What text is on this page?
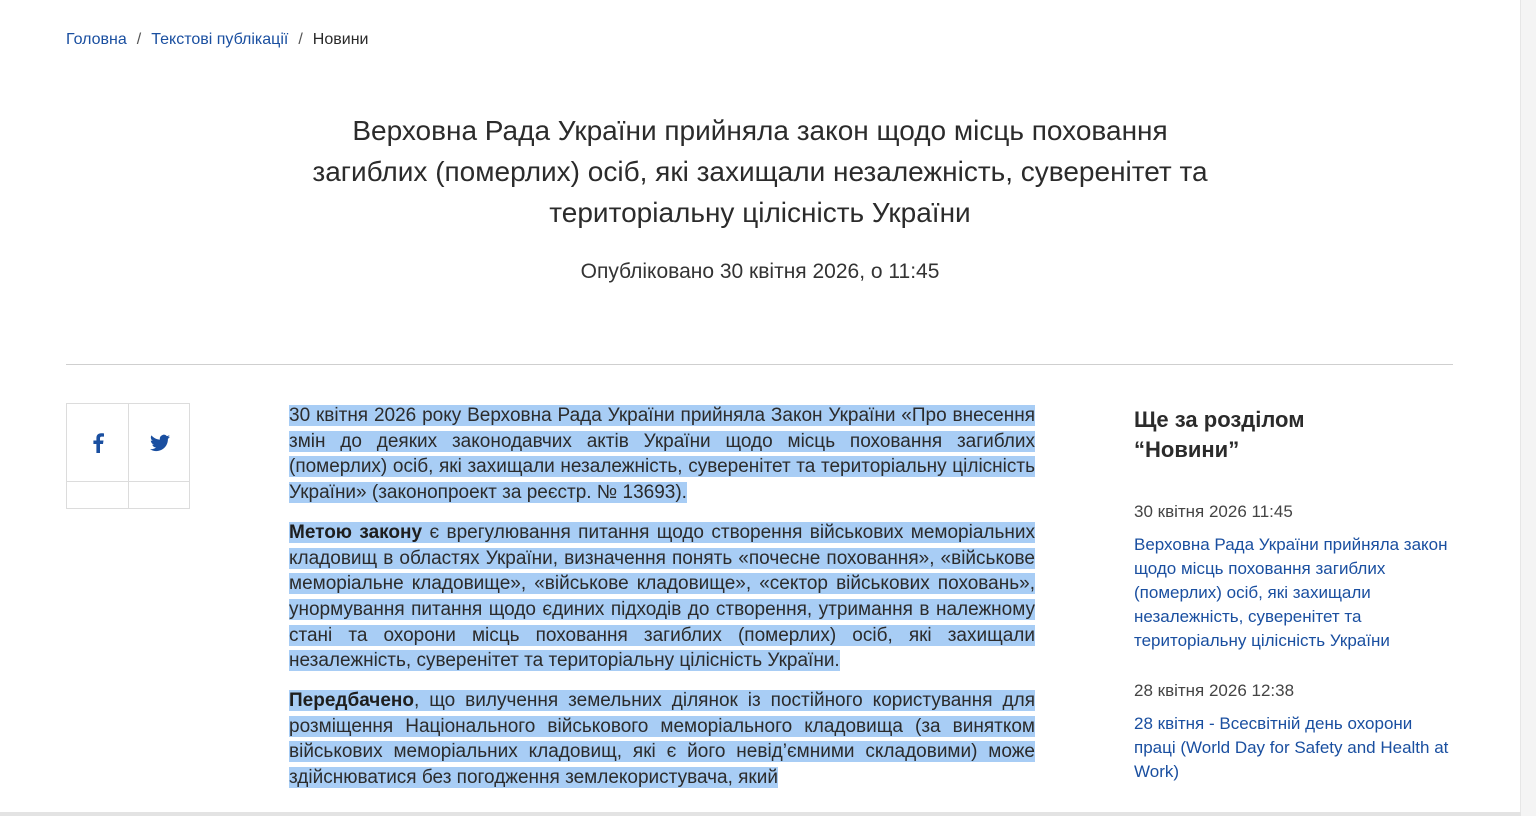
Головна / Текстові публікації / Новини
Верховна Рада України прийняла закон щодо місць поховання
загиблих (померлих) осіб, які захищали незалежність, суверенітет та
територіальну цілісність України
Опубліковано 30 квітня 2026, о 11:45

30 квітня 2026 року Верховна Рада України прийняла Закон України «Про внесення змін до деяких законодавчих актів України щодо місць поховання загиблих (померлих) осіб, які захищали незалежність, суверенітет та територіальну цілісність України» (законопроект за реєстр. № 13693).

Метою закону є врегулювання питання щодо створення військових меморіальних кладовищ в областях України, визначення понять «почесне поховання», «військове меморіальне кладовище», «військове кладовище», «сектор військових поховань», унормування питання щодо єдиних підходів до створення, утримання в належному стані та охорони місць поховання загиблих (померлих) осіб, які захищали незалежність, суверенітет та територіальну цілісність України.

Передбачено, що вилучення земельних ділянок із постійного користування для розміщення Національного військового меморіального кладовища (за винятком військових меморіальних кладовищ, які є його невід’ємними складовими) може здійснюватися без погодження землекористувача, який

Ще за розділом
“Новини”
30 квітня 2026 11:45
Верховна Рада України прийняла закон щодо місць поховання загиблих (померлих) осіб, які захищали незалежність, суверенітет та територіальну цілісність України
28 квітня 2026 12:38
28 квітня - Всесвітній день охорони праці (World Day for Safety and Health at Work)
